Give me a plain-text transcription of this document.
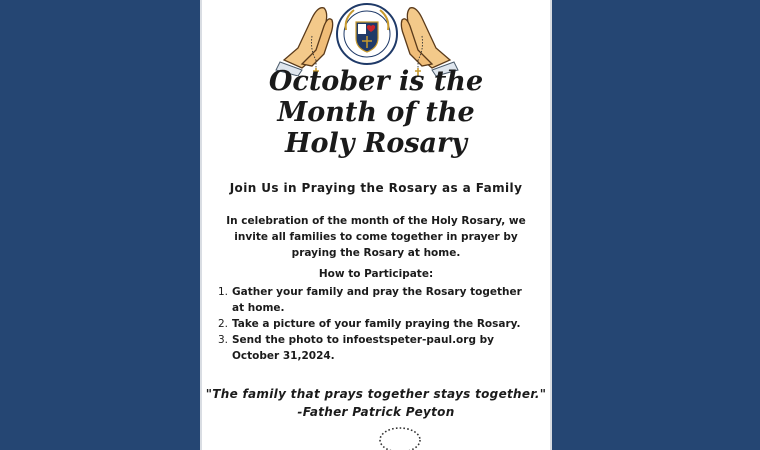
October is the
Month of the
Holy Rosary
Join Us in Praying the Rosary as a Family
In celebration of the month of the Holy Rosary, we invite all families to come together in prayer by praying the Rosary at home.
How to Participate:
1. Gather your family and pray the Rosary together at home.
2. Take a picture of your family praying the Rosary.
3. Send the photo to infoestspeter-paul.org by October 31,2024.
"The family that prays together stays together."
-Father Patrick Peyton
